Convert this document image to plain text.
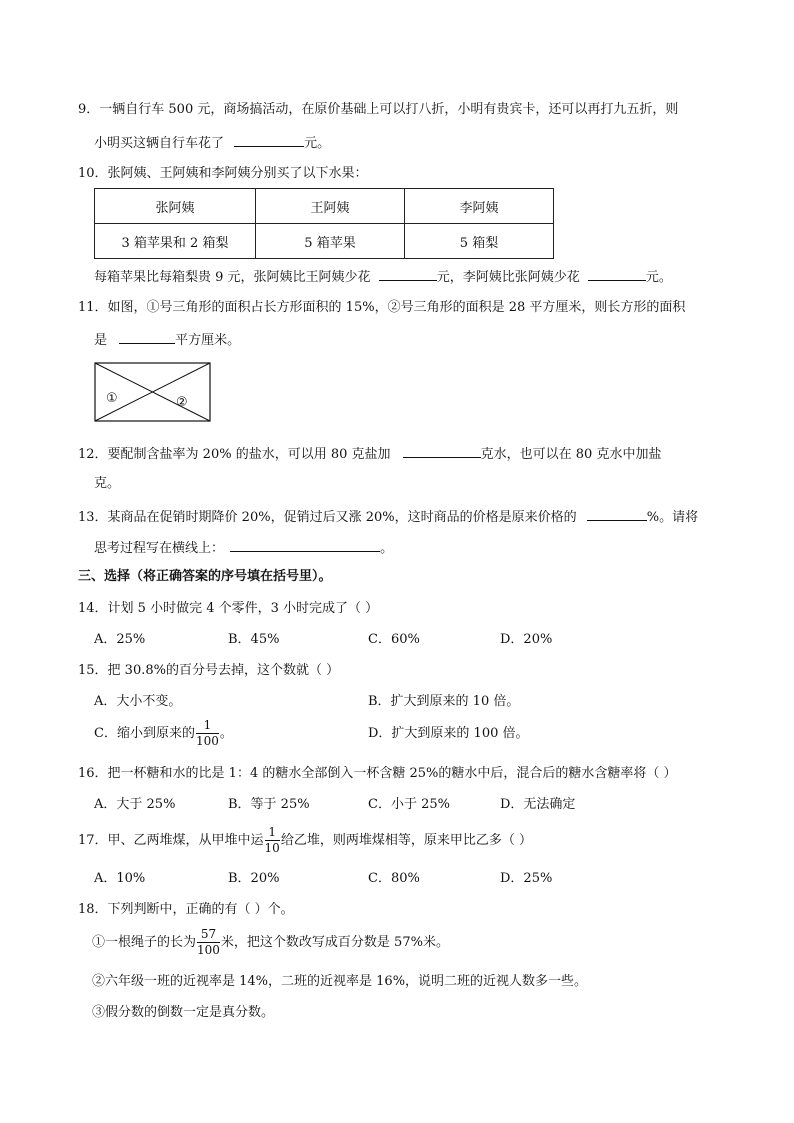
9．一辆自行车 500 元，商场搞活动，在原价基础上可以打八折，小明有贵宾卡，还可以再打九五折，则
小明买这辆自行车花了	元。
10．张阿姨、王阿姨和李阿姨分别买了以下水果：
张阿姨	王阿姨	李阿姨
3 箱苹果和 2 箱梨	5 箱苹果	5 箱梨
每箱苹果比每箱梨贵 9 元，张阿姨比王阿姨少花	元，李阿姨比张阿姨少花	元。
11．如图，①号三角形的面积占长方形面积的 15%，②号三角形的面积是 28 平方厘米，则长方形的面积
是	平方厘米。
①	②
12．要配制含盐率为 20% 的盐水，可以用 80 克盐加	克水，也可以在 80 克水中加盐
克。
13．某商品在促销时期降价 20%，促销过后又涨 20%，这时商品的价格是原来价格的	%。请将
思考过程写在横线上：	。
三、选择（将正确答案的序号填在括号里）。
14．计划 5 小时做完 4 个零件，3 小时完成了（ ）
A．25%	B．45%	C．60%	D．20%
15．把 30.8%的百分号去掉，这个数就（ ）
A．大小不变。	B．扩大到原来的 10 倍。
C．缩小到原来的 $\frac{1}{100}$ 。	D．扩大到原来的 100 倍。
16．把一杯糖和水的比是 1：4 的糖水全部倒入一杯含糖 25%的糖水中后，混合后的糖水含糖率将（ ）
A．大于 25%	B．等于 25%	C．小于 25%	D．无法确定
17．甲、乙两堆煤，从甲堆中运 $\frac{1}{10}$ 给乙堆，则两堆煤相等，原来甲比乙多（ ）
A．10%	B．20%	C．80%	D．25%
18．下列判断中，正确的有（ ）个。
①一根绳子的长为 $\frac{57}{100}$ 米，把这个数改写成百分数是 57%米。
②六年级一班的近视率是 14%，二班的近视率是 16%，说明二班的近视人数多一些。
③假分数的倒数一定是真分数。
